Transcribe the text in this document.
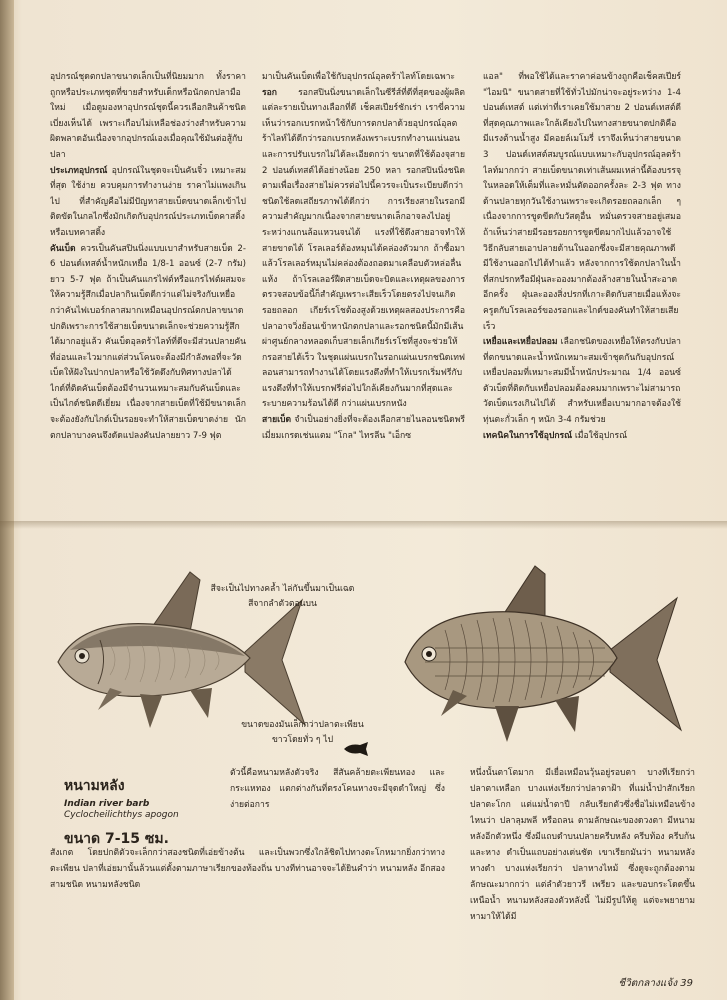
อุปกรณ์ชุดตกปลาขนาดเล็กเป็นที่นิยมมาก ทั้งราคาถูกหรือประเภทชุดที่ขายสำหรับเด็กหรือนักตกปลามือใหม่ เมื่อดูมองหาอุปกรณ์ชุดนี้ควรเลือกสินค้าชนิดเบี่ยงเห็นได้ เพราะเกือบไม่เหลือช่องว่างสำหรับความผิดพลาดอันเนื่องจากอุปกรณ์เองเมื่อคุณใช้มันต่อสู้กับปลา

ประเภทอุปกรณ์ อุปกรณ์ในชุดจะเป็นคันจิ๋ว เหมาะสมที่สุด ใช้ง่าย ควบคุมการทำงานง่าย ราคาไม่แพงเกินไป ที่สำคัญคือไม่มีปัญหาสายเบ็ดขนาดเล็กเข้าไปติดขัดในกลไกซึ่งมักเกิดกับอุปกรณ์ประเภทเบ็ดคาสติ้งหรือเบทคาสติ้ง

คันเบ็ด ควรเป็นคันสปินนิ่งแบบเบาสำหรับสายเบ็ด 2-6 ปอนด์เทสต์น้ำหนักเหยื่อ 1/8-1 ออนซ์ (2-7 กรัม) ยาว 5-7 ฟุต ถ้าเป็นคันแกรไฟต์หรือแกรไฟต์ผสมจะให้ความรู้สึกเมื่อปลากินเบ็ดดีกว่าแต่ไม่จริงกับเหยื่อกว่าคันไฟเบอร์กลาสมากเหมือนอุปกรณ์ตกปลาขนาดปกติเพราะการใช้สายเบ็ดขนาดเล็กจะช่วยความรู้สึกได้มากอยู่แล้ว คันเบ็ดอุลตร้าไลท์ที่ดีจะมีส่วนปลายคันที่อ่อนและไวมากแต่ส่วนโคนจะต้องมีกำลังพอที่จะวัดเบ็ดให้ฝังในปากปลาหรือใช้วัดดึงกับทิศทางปลาได้ ไกด์ที่ติดคันเบ็ดต้องมีจำนวนเหมาะสมกับคันเบ็ดและเป็นไกด์ชนิดดีเยี่ยม เนื่องจากสายเบ็ดที่ใช้มีขนาดเล็กจะต้องยังกับไกด์เป็นรอยจะทำให้สายเบ็ดขาดง่าย นักตกปลาบางคนจึงดัดแปลงคันปลายยาว 7-9 ฟุต

มาเป็นคันเบ็ดเพื่อใช้กับอุปกรณ์อุลตร้าไลท์โดยเฉพาะ

รอก รอกสปินนิ่งขนาดเล็กในซีรีส์ที่ดีที่สุดของผู้ผลิตแต่ละรายเป็นทางเลือกที่ดี เช็คสเปียร์ชักเร่า เราขี่ความเห็นว่ารอกเบรกหน้าใช้กับการตกปลาด้วยอุปกรณ์อุลตร้าไลท์ได้ดีกว่ารอกเบรกหลังเพราะเบรกทำงานแน่นอนและการปรับเบรกไม่ได้ละเอียดกว่า ขนาดที่ใช้ต้องจุสาย 2 ปอนด์เทสต์ได้อย่างน้อย 250 หลา รอกสปินนิ่งชนิดตามเพื่อเรื่องสายไม่ควรต่อไปนี้ควรจะเป็นระเบียบดีกว่าชนิดใช้ลดเสถียรภาพได้ดีกว่า การเรียงสายในรอกมีความสำคัญมากเนื่องจากสายขนาดเล็กอาจลงไปอยู่ระหว่างแกนล้อแหวนจนได้ แรงที่ใช้ดึงสายอาจทำให้สายขาดได้ โรลเลอร์ต้องหมุนได้คล่องตัวมาก ถ้าซื้อมาแล้วโรลเลอร์หมุนไม่คล่องต้องถอดมาเคลือบตัวหล่อลื่นแห้ง ถ้าโรลเลอร์ฝืดสายเบ็ดจะบิดและเหตุผลของการตรวจสอบข้อนี้ก็สำคัญเพราะเสียเร็วโดยตรงไปจนเกิดรอยถลอก เกียร์เรโชต้องสูงด้วยเหตุผลสองประการคือปลาอาจวิ่งย้อนเข้าหานักตกปลาและรอกชนิดนี้มักมีเส้นผ่าศูนย์กลางหลอดเก็บสายเล็กเกียร์เรโชที่สูงจะช่วยให้กรอสายได้เร็ว ในชุดแผ่นเบรกในรอกแผ่นเบรกชนิดเทฟลอนสามารถทำงานได้โดยแรงตึงที่ทำให้เบรกเริ่มฟรีกับแรงตึงที่ทำให้เบรกฟรีต่อไปใกล้เคียงกันมากที่สุดและระบายความร้อนได้ดี กว่าแผ่นเบรกหนัง

สายเบ็ด จำเป็นอย่างยิ่งที่จะต้องเลือกสายไนลอนชนิดพรีเมี่ยมเกรดเช่นแตม "โกล" ไทรลีน "เอ็กซ

แอล" ที่พอใช้ได้และราคาค่อนข้างถูกคือเช็คสเปียร์ "ไอมนิ" ขนาดสายที่ใช้ทั่วไปมักน่าจะอยู่ระหว่าง 1-4 ปอนด์เทสต์ แต่เท่าที่เราเคยใช้มาสาย 2 ปอนด์เทสต์ดีที่สุดคุณภาพและใกล้เคียงไปในทางสายขนาดปกติคือมีแรงต้านน้ำสูง มีคอยล์เมโมรี่ เราจึงเห็นว่าสายขนาด 3 ปอนด์เทสต์สมบูรณ์แบบเหมาะกับอุปกรณ์อุลตร้าไลท์มากกว่า สายเบ็ดขนาดเท่าเส้นผมเหล่านี้ต้องบรรจุในหลอดให้เต็มที่และหมั่นตัดออกครั้งละ 2-3 ฟุต ทางด้านปลายทุกวันใช้งานเพราะจะเกิดรอยถลอกเล็ก ๆ เนื่องจากการขูดขีดกับวัสดุอื่น หมั่นตรวจสายอยู่เสมอถ้าเห็นว่าสายมีรอยรอยการขูดขีดมากไปแล้วอาจใช้วิธีกลับสายเอาปลายด้านในออกซึ่งจะมีสายคุณภาพดีมีใช้งานออกไปได้ทำแล้ว หลังจากการใช้ตกปลาในน้ำที่สกปรกหรือมีฝุ่นละอองมากต้องล้างสายในน้ำสะอาดอีกครั้ง ฝุ่นละอองสิ่งปรกที่เกาะติดกับสายเมื่อแห้งจะครูดกับโรลเลอร์ของรอกและไกด์ของคันทำให้สายเสียเร็ว

เหยื่อและเหยื่อปลอม เลือกชนิดของเหยื่อให้ตรงกับปลาที่ตกขนาดและน้ำหนักเหมาะสมเข้าชุดกันกับอุปกรณ์ เหยื่อปลอมที่เหมาะสมมีน้ำหนักประมาณ 1/4 ออนซ์ ตัวเบ็ดที่ติดกับเหยื่อปลอมต้องคมมากเพราะไม่สามารถวัดเบ็ดแรงเกินไปได้ สำหรับเหยื่อเบามากอาจต้องใช้ทุ่นตะกั่วเล็ก ๆ หนัก 3-4 กรัมช่วย

เทคนิคในการใช้อุปกรณ์ เมื่อใช้อุปกรณ์

สีจะเป็นไปทางคล้ำ ไล่กันขึ้นมาเป็นเฉดสีจากลำตัวตอนบน
ขนาดของมันเล็กกว่าปลาตะเพียนขาวโดยทั่ว ๆ ไป
หนามหลัง
Indian river barb
Cyclocheilichthys apogon
ขนาด 7-15 ซม.
ตัวนี้คือหนามหลังตัวจริง สีสันคล้ายตะเพียนทอง และกระแหทอง แตกต่างกันที่ตรงโคนหางจะมีจุดดำใหญ่ ซึ่งง่ายต่อการ
สังเกต โดยปกติตัวจะเล็กกว่าสองชนิดที่เอ่ยข้างต้น และเป็นพวกซึ่งใกล้ชิดไปทางตะโกหมากยิ่งกว่าทางตะเพียน ปลาที่เอ่ยมานั้นล้วนแต่ตั้งตามภาษาเรียกของท้องถิ่น บางทีท่านอาจจะได้ยินคำว่า หนามหลัง อีกสองสามชนิด หนามหลังชนิด
หนึ่งนั้นตาโตมาก มีเยื่อเหมือนวุ้นอยู่รอบตา บางทีเรียกว่า ปลาตาเหลือก บางแห่งเรียกว่าปลาตาฝ้า ที่แม่น้ำป่าสักเรียกปลาตะโกก แต่แม่น้ำตาปี กลับเรียกตัวซึ่งชื่อไม่เหมือนข้างไหนว่า ปลาลุมพลี หรือถลน ตามลักษณะของดวงตา มีหนามหลังอีกตัวหนึ่ง ซึ่งมีแถบดำบนปลายครีบหลัง ครีบท้อง ครีบก้น และหาง ดำเป็นแถบอย่างเด่นชัด เขาเรียกมันว่า หนามหลังหางดำ บางแห่งเรียกว่า ปลาหางไหม้ ซึ่งดูจะถูกต้องตามลักษณะมากกว่า แต่ลำตัวยาวรี เพรียว และขอบกระโดดขึ้นเหนือน้ำ หนามหลังสองตัวหลังนี้ ไม่มีรูปให้ดู แต่จะพยายามหามาให้ได้มี
ชีวิตกลางแจ้ง 39
